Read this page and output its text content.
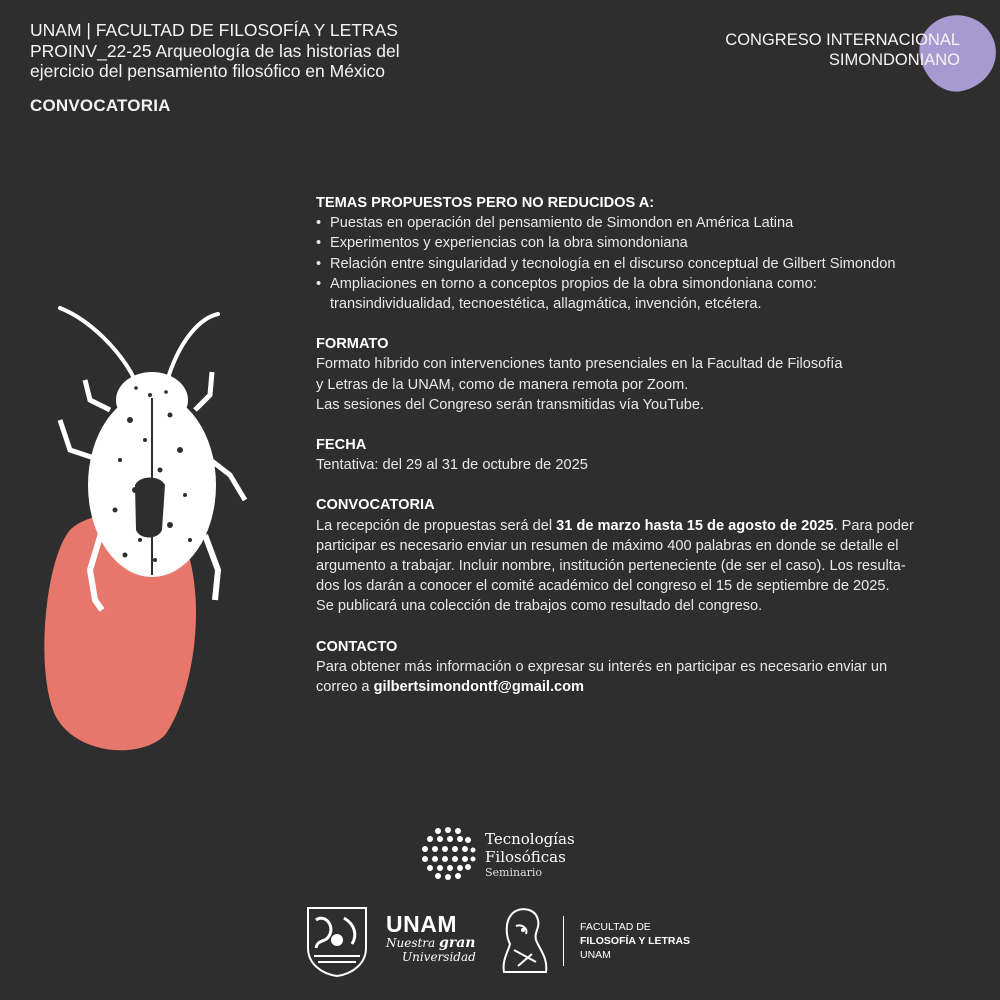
UNAM | FACULTAD DE FILOSOFÍA Y LETRAS
PROINV_22-25 Arqueología de las historias del
ejercicio del pensamiento filosófico en México
CONVOCATORIA
CONGRESO INTERNACIONAL
SIMONDONIANO
TEMAS PROPUESTOS PERO NO REDUCIDOS A:
• Puestas en operación del pensamiento de Simondon en América Latina
• Experimentos y experiencias con la obra simondoniana
• Relación entre singularidad y tecnología en el discurso conceptual de Gilbert Simondon
• Ampliaciones en torno a conceptos propios de la obra simondoniana como:
transindividualidad, tecnoestética, allagmática, invención, etcétera.
FORMATO
Formato híbrido con intervenciones tanto presenciales en la Facultad de Filosofía
y Letras de la UNAM, como de manera remota por Zoom.
Las sesiones del Congreso serán transmitidas vía YouTube.
FECHA
Tentativa: del 29 al 31 de octubre de 2025
CONVOCATORIA
La recepción de propuestas será del 31 de marzo hasta 15 de agosto de 2025. Para poder
participar es necesario enviar un resumen de máximo 400 palabras en donde se detalle el
argumento a trabajar. Incluir nombre, institución perteneciente (de ser el caso). Los resulta-
dos los darán a conocer el comité académico del congreso el 15 de septiembre de 2025.
Se publicará una colección de trabajos como resultado del congreso.
CONTACTO
Para obtener más información o expresar su interés en participar es necesario enviar un
correo a gilbertsimondontf@gmail.com
Tecnologías
Filosóficas
Seminario
UNAM
Nuestra gran
Universidad
FACULTAD DE
FILOSOFÍA Y LETRAS
UNAM
